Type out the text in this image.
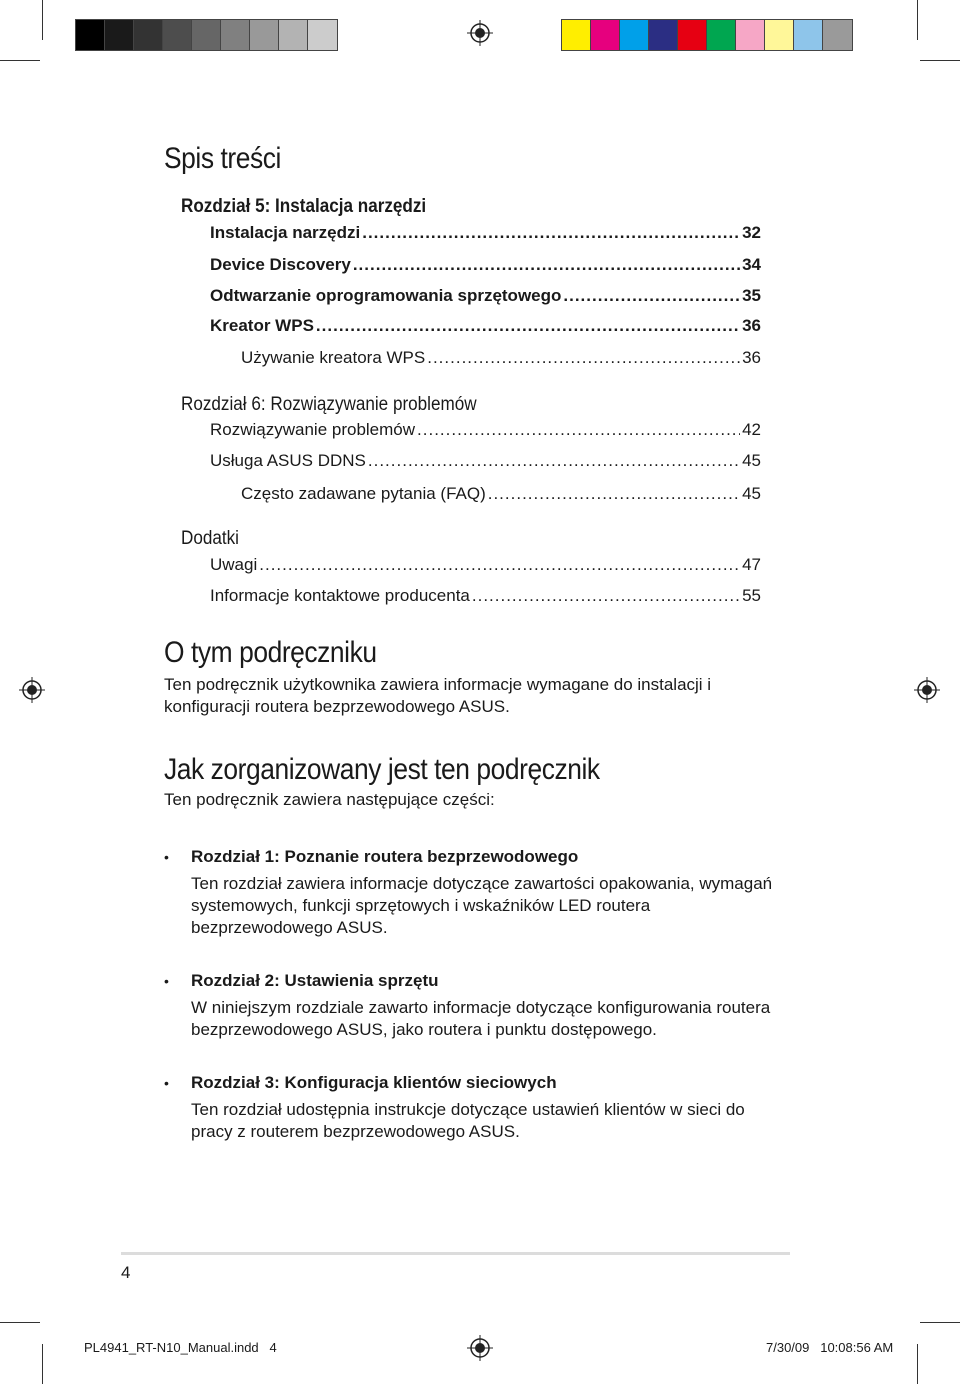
Spis treści
Rozdział 5: Instalacja narzędzi
Instalacja narzędzi .....	32
Device Discovery .....	34
Odtwarzanie oprogramowania sprzętowego .....	35
Kreator WPS .....	36
Używanie kreatora WPS .....	36
Rozdział 6: Rozwiązywanie problemów
Rozwiązywanie problemów .....	42
Usługa ASUS DDNS .....	45
Często zadawane pytania (FAQ) .....	45
Dodatki
Uwagi .....	47
Informacje kontaktowe producenta .....	55
O tym podręczniku
Ten podręcznik użytkownika zawiera informacje wymagane do instalacji i konfiguracji routera bezprzewodowego ASUS.
Jak zorganizowany jest ten podręcznik
Ten podręcznik zawiera następujące części:
• Rozdział 1: Poznanie routera bezprzewodowego
Ten rozdział zawiera informacje dotyczące zawartości opakowania, wymagań systemowych, funkcji sprzętowych i wskaźników LED routera bezprzewodowego ASUS.
• Rozdział 2: Ustawienia sprzętu
W niniejszym rozdziale zawarto informacje dotyczące konfigurowania routera bezprzewodowego ASUS, jako routera i punktu dostępowego.
• Rozdział 3: Konfiguracja klientów sieciowych
Ten rozdział udostępnia instrukcje dotyczące ustawień klientów w sieci do pracy z routerem bezprzewodowego ASUS.
4
PL4941_RT-N10_Manual.indd   4	7/30/09   10:08:56 AM
